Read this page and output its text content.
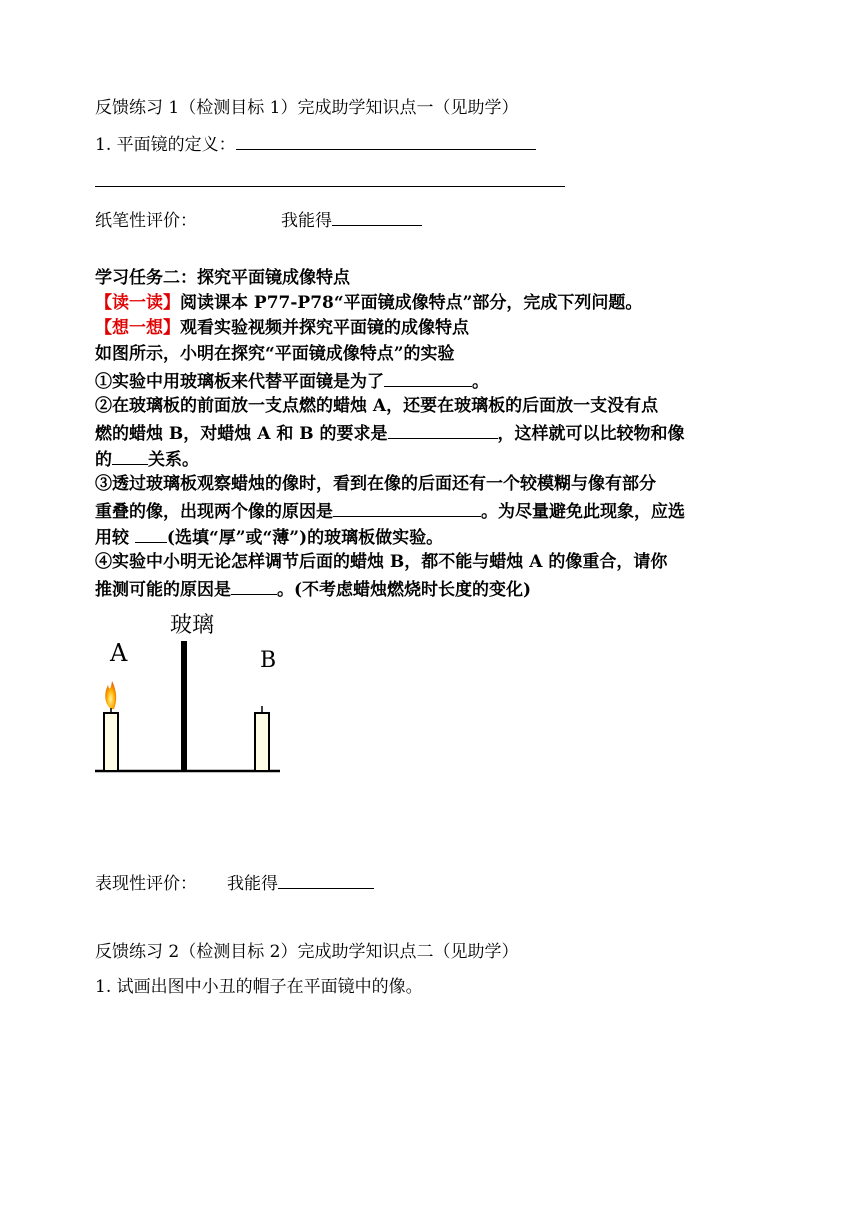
反馈练习 1（检测目标 1）完成助学知识点一（见助学）
1. 平面镜的定义：
纸笔性评价：	我能得
学习任务二：探究平面镜成像特点
【读一读】阅读课本 P77-P78“平面镜成像特点”部分，完成下列问题。
【想一想】观看实验视频并探究平面镜的成像特点
如图所示，小明在探究“平面镜成像特点”的实验
①实验中用玻璃板来代替平面镜是为了	。
②在玻璃板的前面放一支点燃的蜡烛 A，还要在玻璃板的后面放一支没有点
燃的蜡烛 B，对蜡烛 A 和 B 的要求是	，这样就可以比较物和像
的 关系。
③透过玻璃板观察蜡烛的像时，看到在像的后面还有一个较模糊与像有部分
重叠的像，出现两个像的原因是	。为尽量避免此现象，应选
用较 (选填“厚”或“薄”)的玻璃板做实验。
④实验中小明无论怎样调节后面的蜡烛 B，都不能与蜡烛 A 的像重合，请你
推测可能的原因是	。(不考虑蜡烛燃烧时长度的变化)
玻璃
A	B
表现性评价： 我能得
反馈练习 2（检测目标 2）完成助学知识点二（见助学）
1. 试画出图中小丑的帽子在平面镜中的像。
